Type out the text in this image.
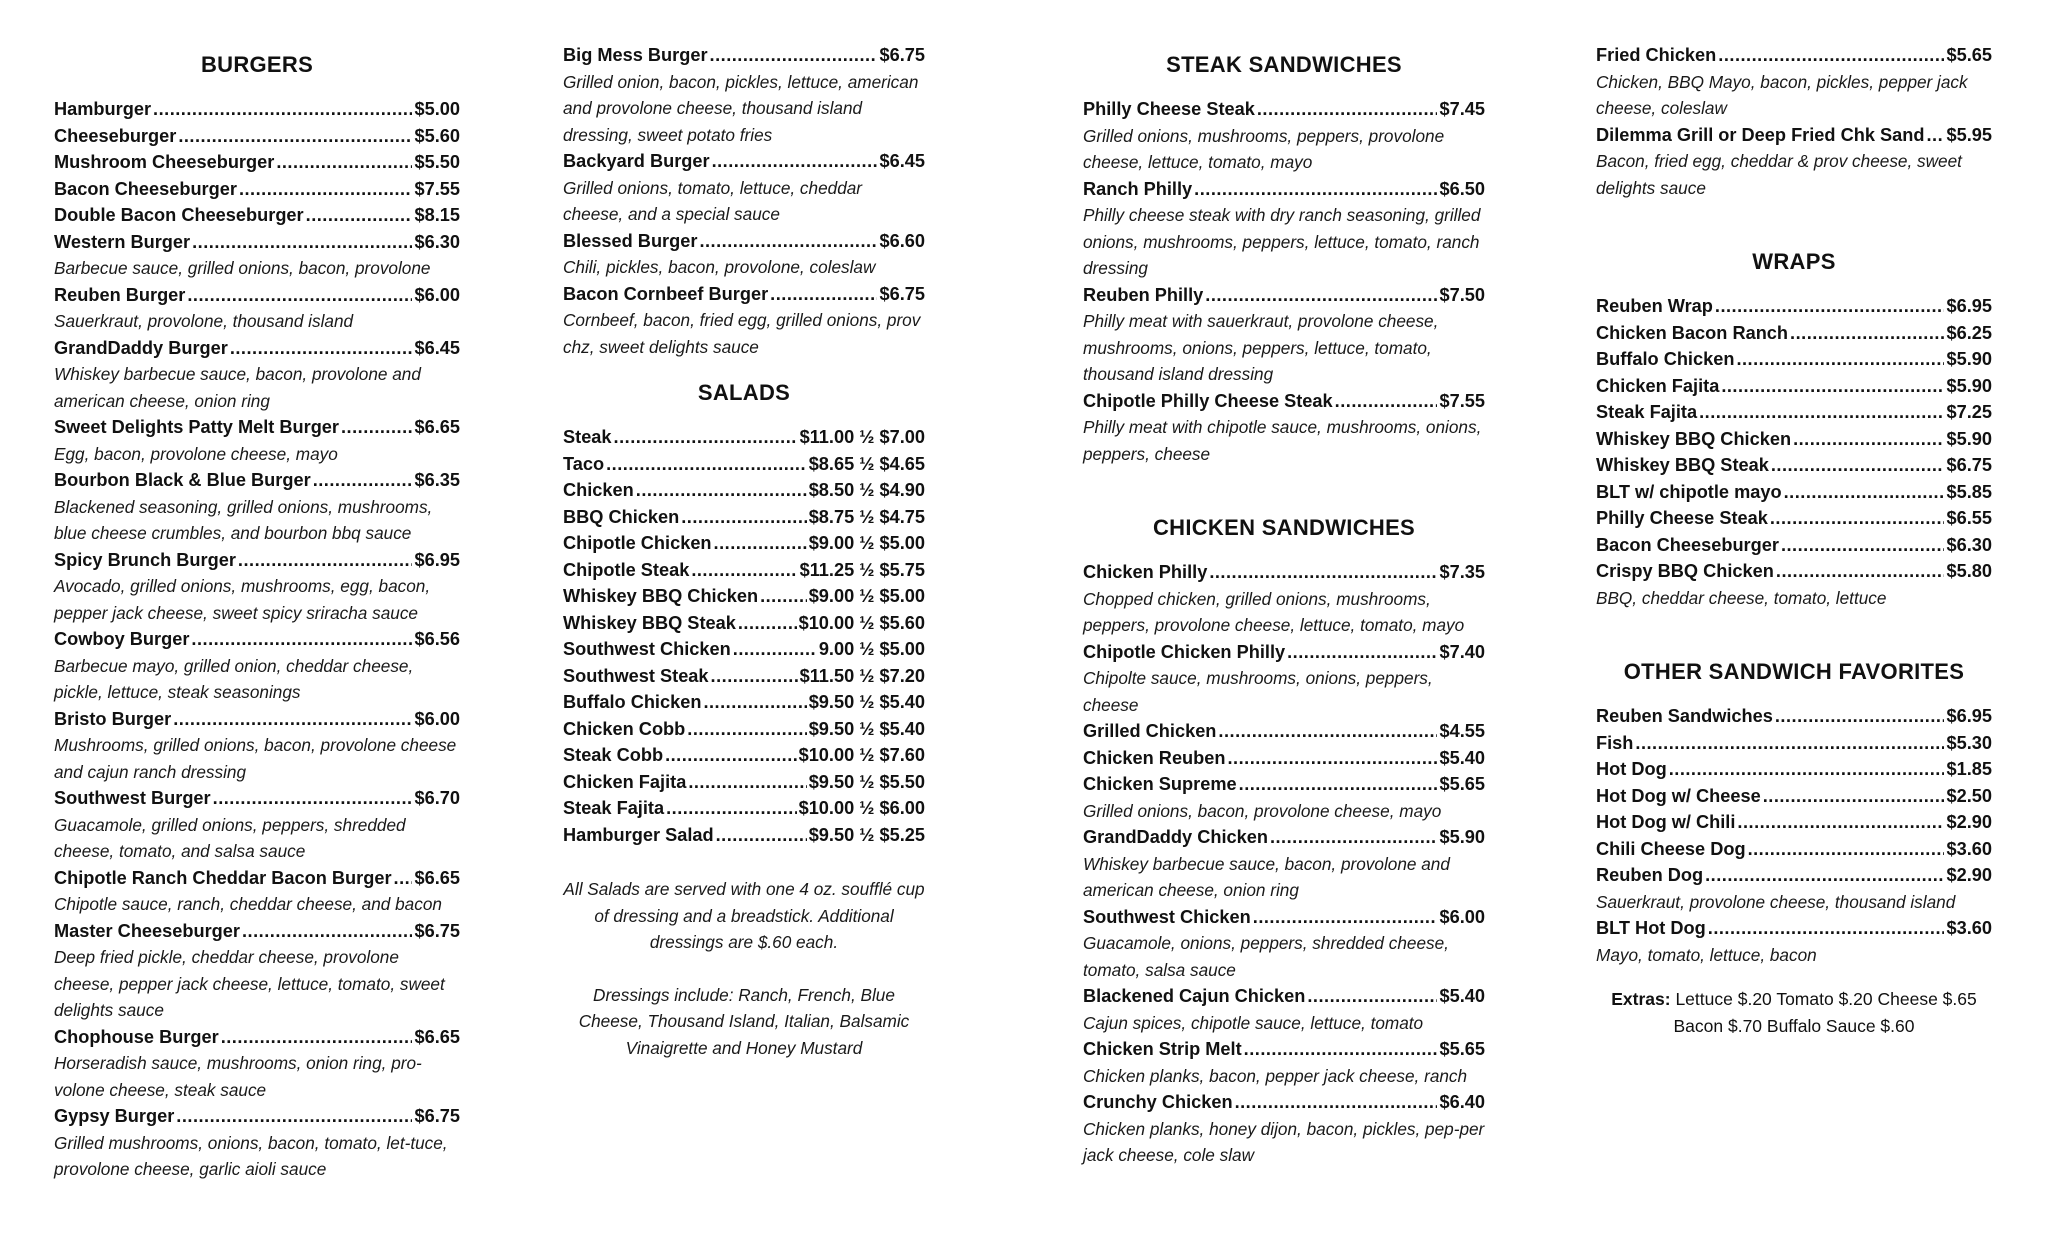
BURGERS
Hamburger .....	$5.00
Cheeseburger .....	$5.60
Mushroom Cheeseburger .....	$5.50
Bacon Cheeseburger .....	$7.55
Double Bacon Cheeseburger .....	$8.15
Western Burger .....	$6.30
Barbecue sauce, grilled onions, bacon, provolone
Reuben Burger .....	$6.00
Sauerkraut, provolone, thousand island
GrandDaddy Burger .....	$6.45
Whiskey barbecue sauce, bacon, provolone and american cheese, onion ring
Sweet Delights Patty Melt Burger .....	$6.65
Egg, bacon, provolone cheese, mayo
Bourbon Black & Blue Burger .....	$6.35
Blackened seasoning, grilled onions, mushrooms, blue cheese crumbles, and bourbon bbq sauce
Spicy Brunch Burger .....	$6.95
Avocado, grilled onions, mushrooms, egg, bacon, pepper jack cheese, sweet spicy sriracha sauce
Cowboy Burger .....	$6.56
Barbecue mayo, grilled onion, cheddar cheese, pickle, lettuce, steak seasonings
Bristo Burger .....	$6.00
Mushrooms, grilled onions, bacon, provolone cheese and cajun ranch dressing
Southwest Burger .....	$6.70
Guacamole, grilled onions, peppers, shredded cheese, tomato, and salsa sauce
Chipotle Ranch Cheddar Bacon Burger ..... $6.65
Chipotle sauce, ranch, cheddar cheese, and bacon
Master Cheeseburger .....	$6.75
Deep fried pickle, cheddar cheese, provolone cheese, pepper jack cheese, lettuce, tomato, sweet delights sauce
Chophouse Burger .....	$6.65
Horseradish sauce, mushrooms, onion ring, pro-volone cheese, steak sauce
Gypsy Burger .....	$6.75
Grilled mushrooms, onions, bacon, tomato, let-tuce, provolone cheese, garlic aioli sauce
Big Mess Burger .....	$6.75
Grilled onion, bacon, pickles, lettuce, american and provolone cheese, thousand island dressing, sweet potato fries
Backyard Burger .....	$6.45
Grilled onions, tomato, lettuce, cheddar cheese, and a special sauce
Blessed Burger .....	$6.60
Chili, pickles, bacon, provolone, coleslaw
Bacon Cornbeef Burger .....	$6.75
Cornbeef, bacon, fried egg, grilled onions, prov chz, sweet delights sauce
SALADS
Steak .....	$11.00 ½ $7.00
Taco .....	$8.65 ½ $4.65
Chicken .....	$8.50 ½ $4.90
BBQ Chicken .....	$8.75 ½ $4.75
Chipotle Chicken .....	$9.00 ½ $5.00
Chipotle Steak .....	$11.25 ½ $5.75
Whiskey BBQ Chicken .....	$9.00 ½ $5.00
Whiskey BBQ Steak .....	$10.00 ½ $5.60
Southwest Chicken .....	9.00 ½ $5.00
Southwest Steak .....	$11.50 ½ $7.20
Buffalo Chicken .....	$9.50 ½ $5.40
Chicken Cobb .....	$9.50 ½ $5.40
Steak Cobb .....	$10.00 ½ $7.60
Chicken Fajita .....	$9.50 ½ $5.50
Steak Fajita .....	$10.00 ½ $6.00
Hamburger Salad .....	$9.50 ½ $5.25
All Salads are served with one 4 oz. soufflé cup of dressing and a breadstick. Additional dressings are $.60 each.
Dressings include: Ranch, French, Blue Cheese, Thousand Island, Italian, Balsamic Vinaigrette and Honey Mustard
STEAK SANDWICHES
Philly Cheese Steak .....	$7.45
Grilled onions, mushrooms, peppers, provolone cheese, lettuce, tomato, mayo
Ranch Philly .....	$6.50
Philly cheese steak with dry ranch seasoning, grilled onions, mushrooms, peppers, lettuce, tomato, ranch dressing
Reuben Philly .....	$7.50
Philly meat with sauerkraut, provolone cheese, mushrooms, onions, peppers, lettuce, tomato, thousand island dressing
Chipotle Philly Cheese Steak .....	$7.55
Philly meat with chipotle sauce, mushrooms, onions, peppers, cheese
CHICKEN SANDWICHES
Chicken Philly .....	$7.35
Chopped chicken, grilled onions, mushrooms, peppers, provolone cheese, lettuce, tomato, mayo
Chipotle Chicken Philly .....	$7.40
Chipolte sauce, mushrooms, onions, peppers, cheese
Grilled Chicken .....	$4.55
Chicken Reuben .....	$5.40
Chicken Supreme .....	$5.65
Grilled onions, bacon, provolone cheese, mayo
GrandDaddy Chicken .....	$5.90
Whiskey barbecue sauce, bacon, provolone and american cheese, onion ring
Southwest Chicken .....	$6.00
Guacamole, onions, peppers, shredded cheese, tomato, salsa sauce
Blackened Cajun Chicken .....	$5.40
Cajun spices, chipotle sauce, lettuce, tomato
Chicken Strip Melt .....	$5.65
Chicken planks, bacon, pepper jack cheese, ranch
Crunchy Chicken .....	$6.40
Chicken planks, honey dijon, bacon, pickles, pep-per jack cheese, cole slaw
Fried Chicken .....	$5.65
Chicken, BBQ Mayo, bacon, pickles, pepper jack cheese, coleslaw
Dilemma Grill or Deep Fried Chk Sand ..... $5.95
Bacon, fried egg, cheddar & prov cheese, sweet delights sauce
WRAPS
Reuben Wrap .....	$6.95
Chicken Bacon Ranch .....	$6.25
Buffalo Chicken .....	$5.90
Chicken Fajita .....	$5.90
Steak Fajita .....	$7.25
Whiskey BBQ Chicken .....	$5.90
Whiskey BBQ Steak .....	$6.75
BLT w/ chipotle mayo .....	$5.85
Philly Cheese Steak .....	$6.55
Bacon Cheeseburger .....	$6.30
Crispy BBQ Chicken .....	$5.80
BBQ, cheddar cheese, tomato, lettuce
OTHER SANDWICH FAVORITES
Reuben Sandwiches .....	$6.95
Fish .....	$5.30
Hot Dog .....	$1.85
Hot Dog w/ Cheese .....	$2.50
Hot Dog w/ Chili .....	$2.90
Chili Cheese Dog .....	$3.60
Reuben Dog .....	$2.90
Sauerkraut, provolone cheese, thousand island
BLT Hot Dog .....	$3.60
Mayo, tomato, lettuce, bacon
Extras: Lettuce $.20 Tomato $.20 Cheese $.65
Bacon $.70 Buffalo Sauce $.60
